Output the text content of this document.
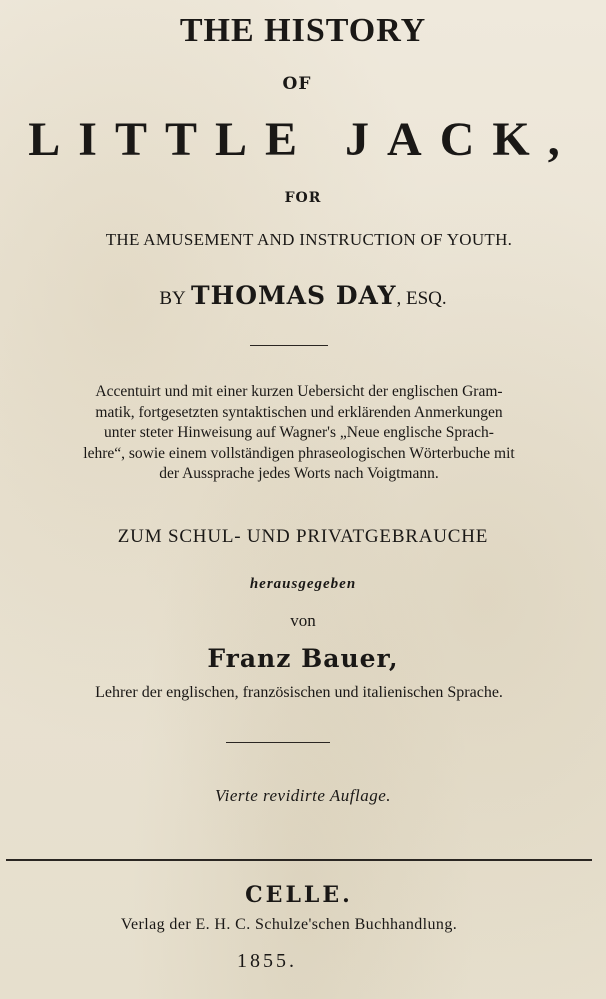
THE HISTORY
OF
LITTLE JACK,
FOR
THE AMUSEMENT AND INSTRUCTION OF YOUTH.
BY THOMAS DAY, ESQ.
Accentuirt und mit einer kurzen Uebersicht der englischen Gram-
matik, fortgesetzten syntaktischen und erklärenden Anmerkungen
unter steter Hinweisung auf Wagner's „Neue englische Sprach-
lehre“, sowie einem vollständigen phraseologischen Wörterbuche mit
der Aussprache jedes Worts nach Voigtmann.
ZUM SCHUL- UND PRIVATGEBRAUCHE
herausgegeben
von
Franz Bauer,
Lehrer der englischen, französischen und italienischen Sprache.
Vierte revidirte Auflage.
CELLE.
Verlag der E. H. C. Schulze'schen Buchhandlung.
1855.
